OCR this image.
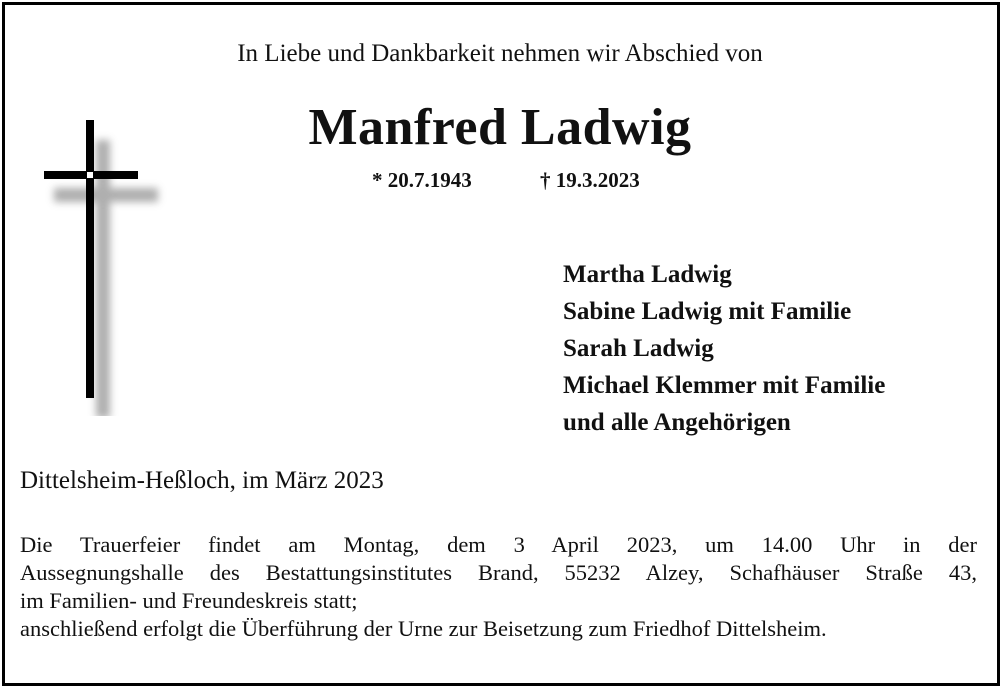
In Liebe und Dankbarkeit nehmen wir Abschied von
Manfred Ladwig
* 20.7.1943	† 19.3.2023
Martha Ladwig
Sabine Ladwig mit Familie
Sarah Ladwig
Michael Klemmer mit Familie
und alle Angehörigen
Dittelsheim-Heßloch, im März 2023
Die Trauerfeier findet am Montag, dem 3 April 2023, um 14.00 Uhr in der
Aussegnungshalle des Bestattungsinstitutes Brand, 55232 Alzey, Schafhäuser Straße 43,
im Familien- und Freundeskreis statt;
anschließend erfolgt die Überführung der Urne zur Beisetzung zum Friedhof Dittelsheim.
